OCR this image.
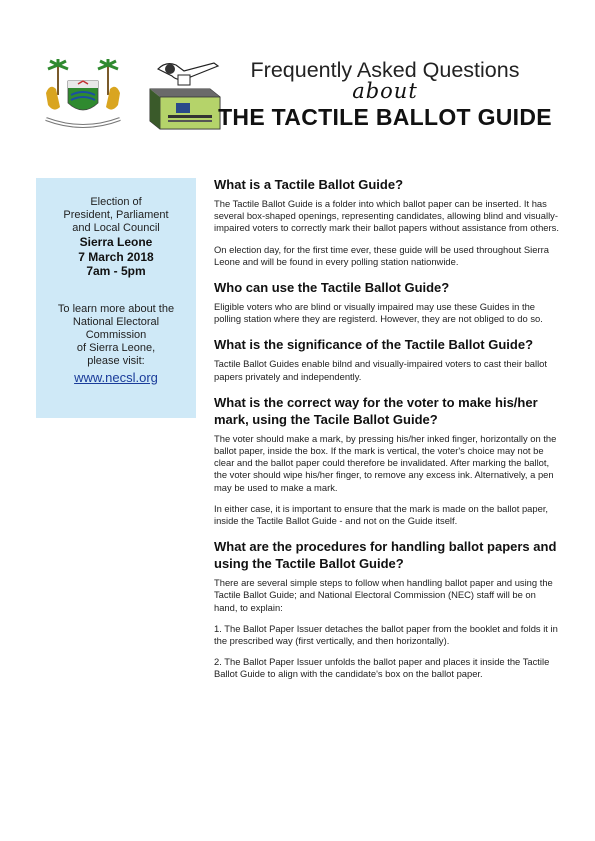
Frequently Asked Questions
about
THE TACTILE BALLOT GUIDE
Election of
President, Parliament
and Local Council
Sierra Leone
7 March 2018
7am - 5pm
To learn more about the
National Electoral
Commission
of Sierra Leone,
please visit:
www.necsl.org
What is a Tactile Ballot Guide?

The Tactile Ballot Guide is a folder into which ballot paper can be inserted. It has several box-shaped openings, representing candidates, allowing blind and visually-impaired voters to correctly mark their ballot papers without assistance from others.

On election day, for the first time ever, these guide will be used throughout Sierra Leone and will be found in every polling station nationwide.

Who can use the Tactile Ballot Guide?

Eligible voters who are blind or visually impaired may use these Guides in the polling station where they are registerd. However, they are not obliged to do so.

What is the significance of the Tactile Ballot Guide?

Tactile Ballot Guides enable bilnd and visually-impaired voters to cast their ballot papers privately and independently.

What is the correct way for the voter to make his/her mark, using the Tacile Ballot Guide?

The voter should make a mark, by pressing his/her inked finger, horizontally on the ballot paper, inside the box. If the mark is vertical, the voter's choice may not be clear and the ballot paper could therefore be invalidated. After marking the ballot, the voter should wipe his/her finger, to remove any excess ink. Alternatively, a pen may be used to make a mark.

In either case, it is important to ensure that the mark is made on the ballot paper, inside the Tactile Ballot Guide - and not on the Guide itself.

What are the procedures for handling ballot papers and using the Tactile Ballot Guide?

There are several simple steps to follow when handling ballot paper and using the Tactile Ballot Guide; and National Electoral Commission (NEC) staff will be on hand, to explain:

1. The Ballot Paper Issuer detaches the ballot paper from the booklet and folds it in the prescribed way (first vertically, and then horizontally).

2. The Ballot Paper Issuer unfolds the ballot paper and places it inside the Tactile Ballot Guide to align with the candidate's box on the ballot paper.
